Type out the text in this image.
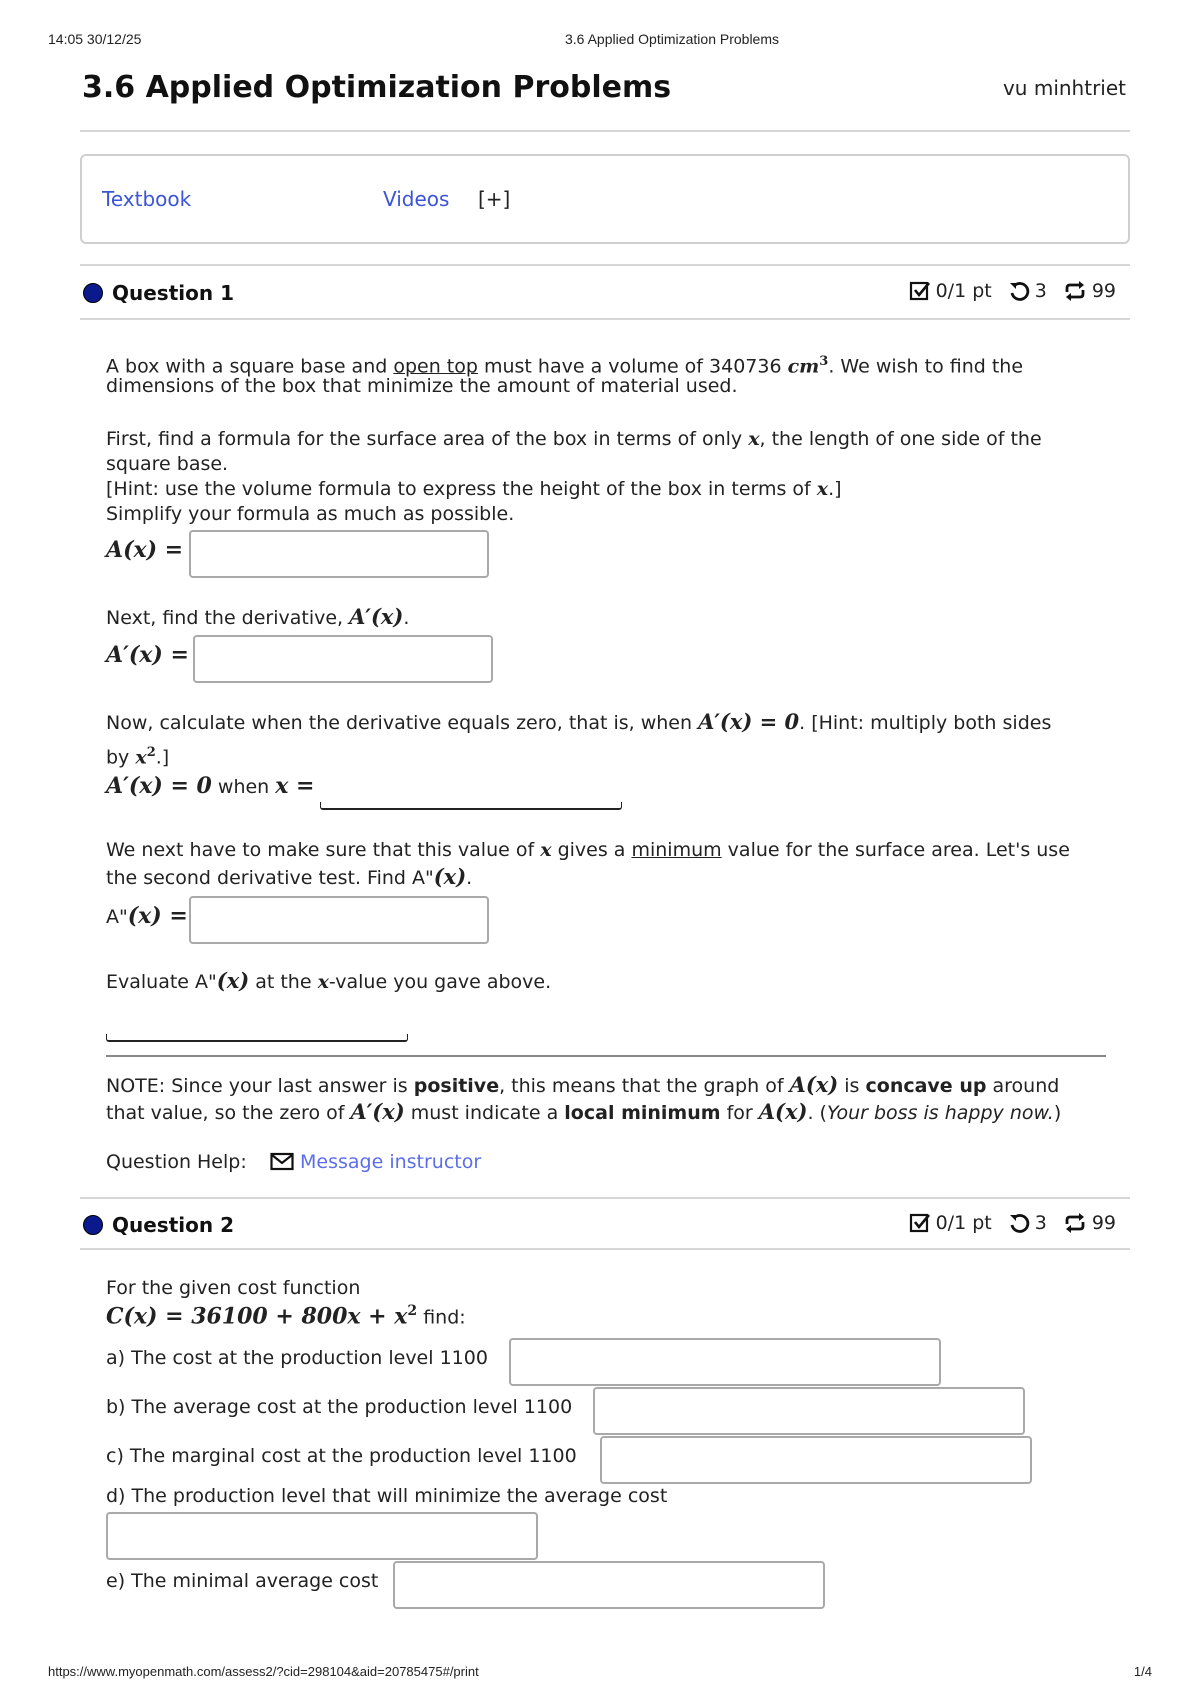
14:05 30/12/25	3.6 Applied Optimization Problems
3.6 Applied Optimization Problems	vu minhtriet
Textbook	Videos [+]
Question 1	0/1 pt 3 99
A box with a square base and open top must have a volume of 340736 $cm^3$. We wish to find the
dimensions of the box that minimize the amount of material used.
First, find a formula for the surface area of the box in terms of only x, the length of one side of the
square base.
[Hint: use the volume formula to express the height of the box in terms of x.]
Simplify your formula as much as possible.
A(x) =
Next, find the derivative, A′(x).
A′(x) =
Now, calculate when the derivative equals zero, that is, when A′(x) = 0. [Hint: multiply both sides
by $x^2$.]
A′(x) = 0 when x =
We next have to make sure that this value of x gives a minimum value for the surface area. Let's use
the second derivative test. Find A"(x).
A"(x) =
Evaluate A"(x) at the x-value you gave above.
NOTE: Since your last answer is positive, this means that the graph of A(x) is concave up around
that value, so the zero of A′(x) must indicate a local minimum for A(x). (Your boss is happy now.)
Question Help:	Message instructor
Question 2	0/1 pt 3 99
For the given cost function
$C(x) = 36100 + 800x + x^2$ find:
a) The cost at the production level 1100
b) The average cost at the production level 1100
c) The marginal cost at the production level 1100
d) The production level that will minimize the average cost
e) The minimal average cost
https://www.myopenmath.com/assess2/?cid=298104&aid=20785475#/print	1/4
